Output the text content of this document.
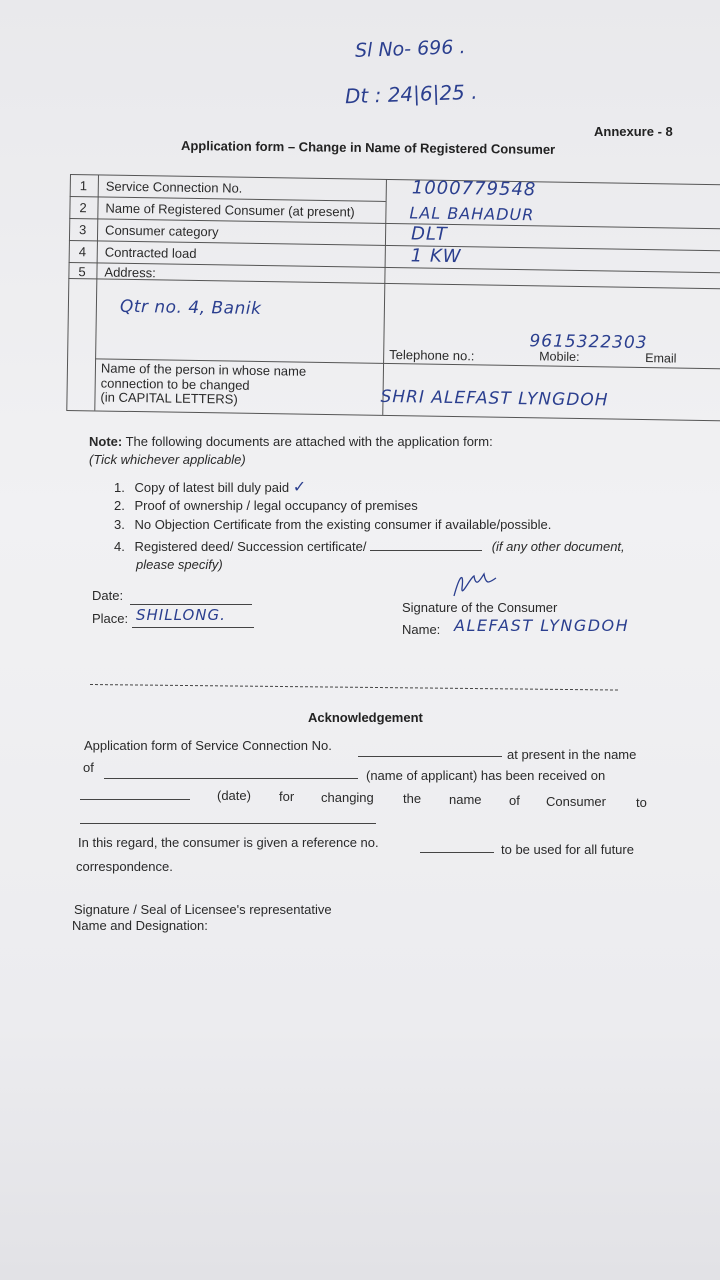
Sl No- 696 .
Dt : 24|6|25 .
Annexure - 8
Application form – Change in Name of Registered Consumer
1 Service Connection No.	1000779548
2 Name of Registered Consumer (at present)	LAL BAHADUR
3 Consumer category	DLT
4 Contracted load	1 KW
5 Address:
Qtr no. 4, Banik
Telephone no.:
9615322303
Mobile:	Email
Name of the person in whose name
connection to be changed
(in CAPITAL LETTERS)	SHRI ALEFAST LYNGDOH
Note: The following documents are attached with the application form:
(Tick whichever applicable)
1. Copy of latest bill duly paid ✓
2. Proof of ownership / legal occupancy of premises
3. No Objection Certificate from the existing consumer if available/possible.
4. Registered deed/ Succession certificate/	(if any other document,
please specify)
Date:
Place: SHILLONG.	Signature of the Consumer
Name: ALEFAST LYNGDOH
Acknowledgement
Application form of Service Connection No.
at present in the name
of
(name of applicant) has been received on
(date) for changing the name of Consumer to
In this regard, the consumer is given a reference no.	to be used for all future
correspondence.
Signature / Seal of Licensee's representative
Name and Designation:
